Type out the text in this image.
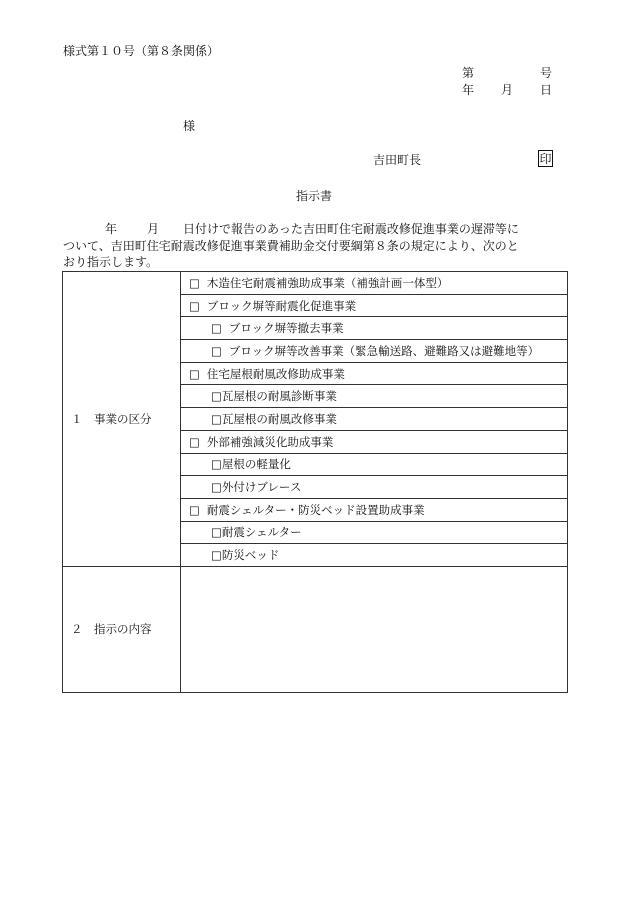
様式第１０号（第８条関係）
第	号
年 月 日
様
吉田町長	印
指示書

年	月 日付けで報告のあった吉田町住宅耐震改修促進事業の遅滞等に

ついて、吉田町住宅耐震改修促進事業費補助金交付要綱第８条の規定により、次のと

おり指示します。

１　事業の区分	□ 木造住宅耐震補強助成事業（補強計画一体型）
	□ ブロック塀等耐震化促進事業
	□ ブロック塀等撤去事業
	□ ブロック塀等改善事業（緊急輸送路、避難路又は避難地等）
	□ 住宅屋根耐風改修助成事業
	□瓦屋根の耐風診断事業
	□瓦屋根の耐風改修事業
	□ 外部補強減災化助成事業
	□屋根の軽量化
	□外付けブレース
	□ 耐震シェルター・防災ベッド設置助成事業
	□耐震シェルター
	□防災ベッド
２　指示の内容	
